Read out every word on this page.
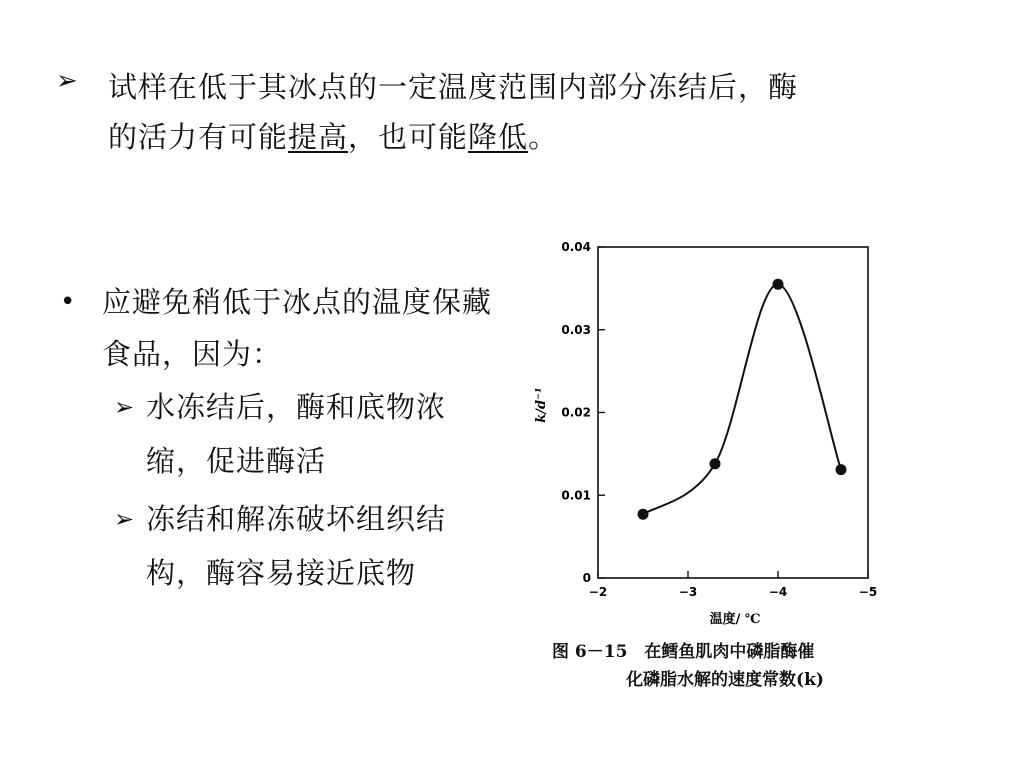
➢ 试样在低于其冰点的一定温度范围内部分冻结后，酶
的活力有可能提高，也可能降低。
• 应避免稍低于冰点的温度保藏食品，因为：
➢ 水冻结后，酶和底物浓缩，促进酶活
➢ 冻结和解冻破坏组织结构，酶容易接近底物
−2	−3	−4	−5
0
0.01
0.02
0.03
0.04
温度/ ℃
k/d⁻¹
图 6－15　在鳕鱼肌肉中磷脂酶催
化磷脂水解的速度常数(k)
